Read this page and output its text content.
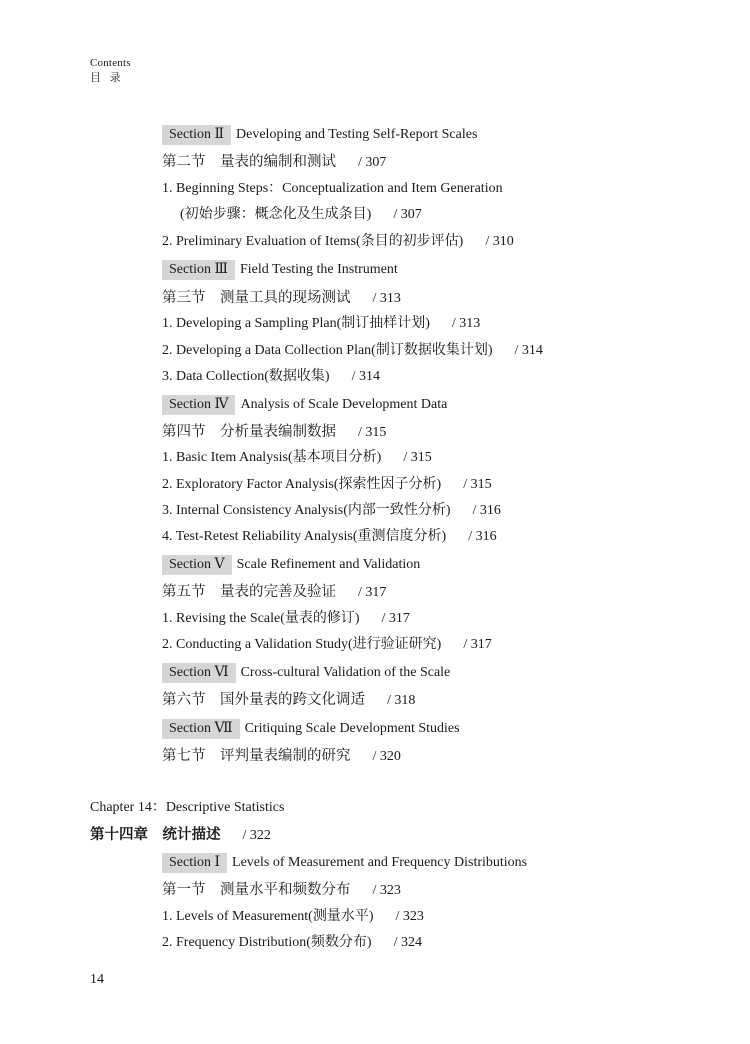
Contents
目 录
Section Ⅱ Developing and Testing Self-Report Scales
第二节　量表的编制和测试 / 307
1. Beginning Steps：Conceptualization and Item Generation
(初始步骤：概念化及生成条目) / 307
2. Preliminary Evaluation of Items(条目的初步评估) / 310
Section Ⅲ Field Testing the Instrument
第三节　测量工具的现场测试 / 313
1. Developing a Sampling Plan(制订抽样计划) / 313
2. Developing a Data Collection Plan(制订数据收集计划) / 314
3. Data Collection(数据收集) / 314
Section Ⅳ Analysis of Scale Development Data
第四节　分析量表编制数据 / 315
1. Basic Item Analysis(基本项目分析) / 315
2. Exploratory Factor Analysis(探索性因子分析) / 315
3. Internal Consistency Analysis(内部一致性分析) / 316
4. Test-Retest Reliability Analysis(重测信度分析) / 316
Section Ⅴ Scale Refinement and Validation
第五节　量表的完善及验证 / 317
1. Revising the Scale(量表的修订) / 317
2. Conducting a Validation Study(进行验证研究) / 317
Section Ⅵ Cross-cultural Validation of the Scale
第六节　国外量表的跨文化调适 / 318
Section Ⅶ Critiquing Scale Development Studies
第七节　评判量表编制的研究 / 320
Chapter 14：Descriptive Statistics
第十四章　统计描述 / 322
Section Ⅰ Levels of Measurement and Frequency Distributions
第一节　测量水平和频数分布 / 323
1. Levels of Measurement(测量水平) / 323
2. Frequency Distribution(频数分布) / 324
14
